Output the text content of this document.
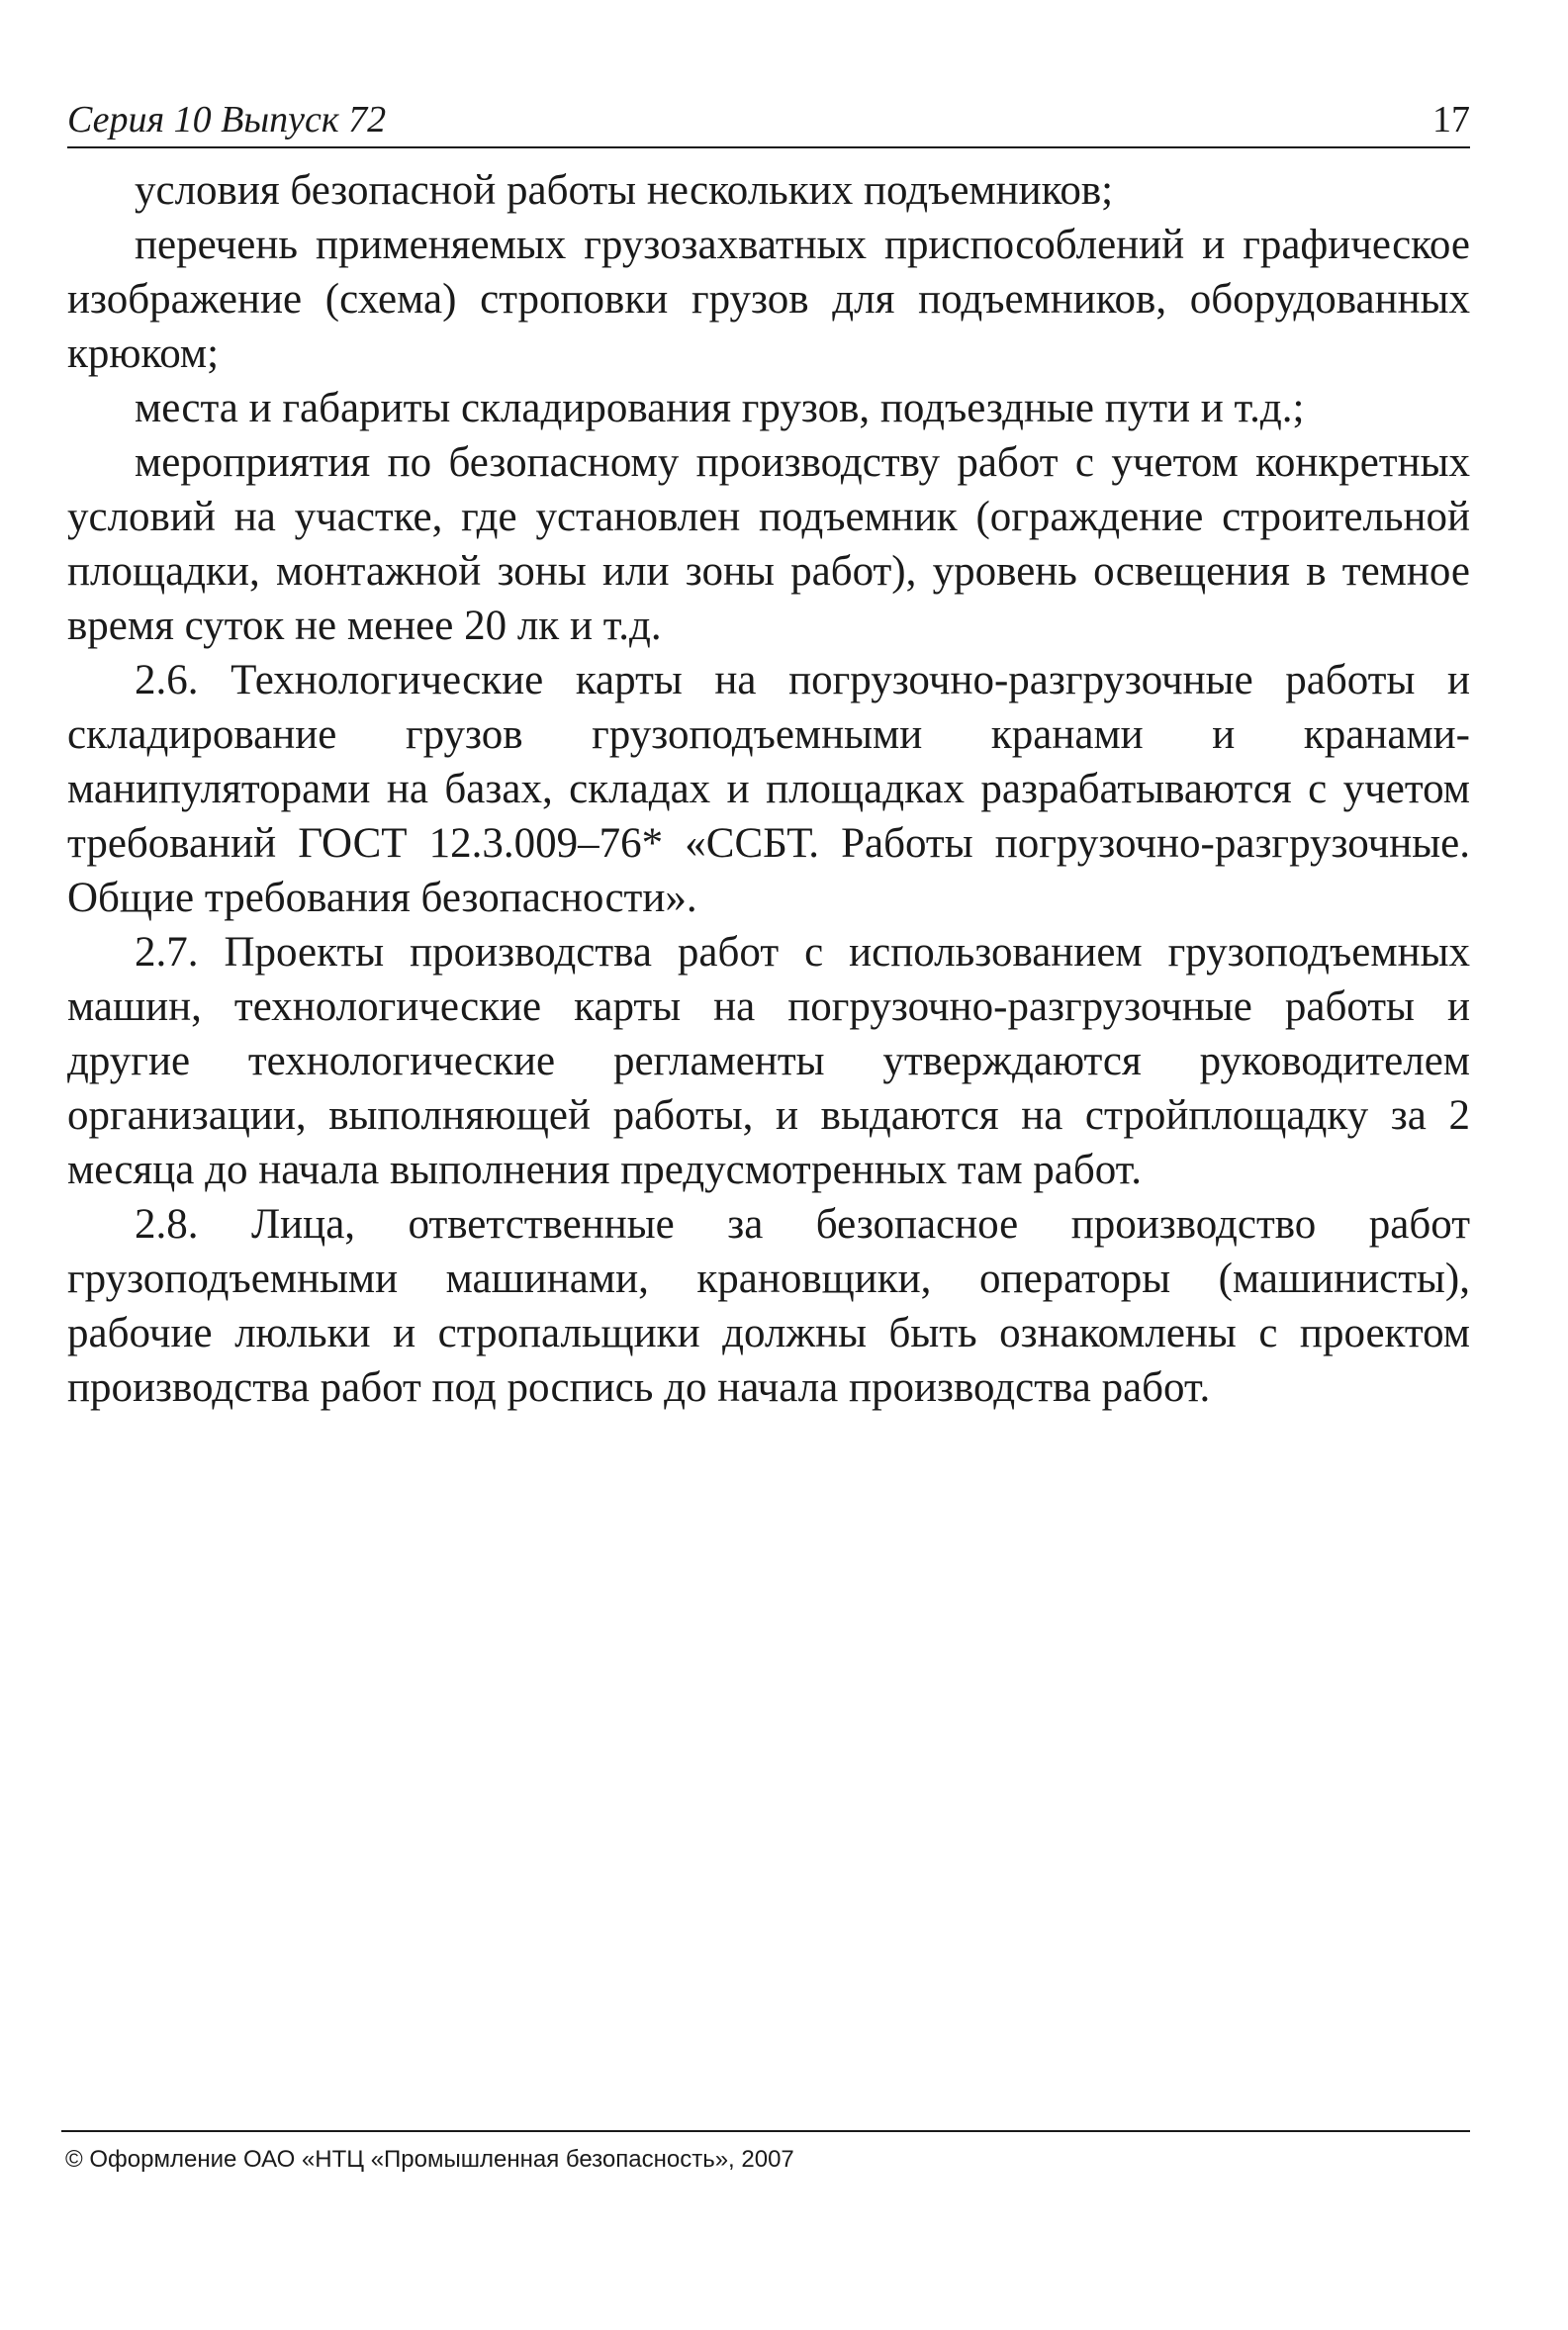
Серия 10 Выпуск 72	17

условия безопасной работы нескольких подъемников;

перечень применяемых грузозахватных приспособлений и графическое изображение (схема) строповки грузов для подъемников, оборудованных крюком;

места и габариты складирования грузов, подъездные пути и т.д.;

мероприятия по безопасному производству работ с учетом конкретных условий на участке, где установлен подъемник (ограждение строительной площадки, монтажной зоны или зоны работ), уровень освещения в темное время суток не менее 20 лк и т.д.

2.6. Технологические карты на погрузочно-разгрузочные работы и складирование грузов грузоподъемными кранами и кранами-манипуляторами на базах, складах и площадках разрабатываются с учетом требований ГОСТ 12.3.009–76* «ССБТ. Работы погрузочно-разгрузочные. Общие требования безопасности».

2.7. Проекты производства работ с использованием грузоподъемных машин, технологические карты на погрузочно-разгрузочные работы и другие технологические регламенты утверждаются руководителем организации, выполняющей работы, и выдаются на стройплощадку за 2 месяца до начала выполнения предусмотренных там работ.

2.8. Лица, ответственные за безопасное производство работ грузоподъемными машинами, крановщики, операторы (машинисты), рабочие люльки и стропальщики должны быть ознакомлены с проектом производства работ под роспись до начала производства работ.

© Оформление ОАО «НТЦ «Промышленная безопасность», 2007
